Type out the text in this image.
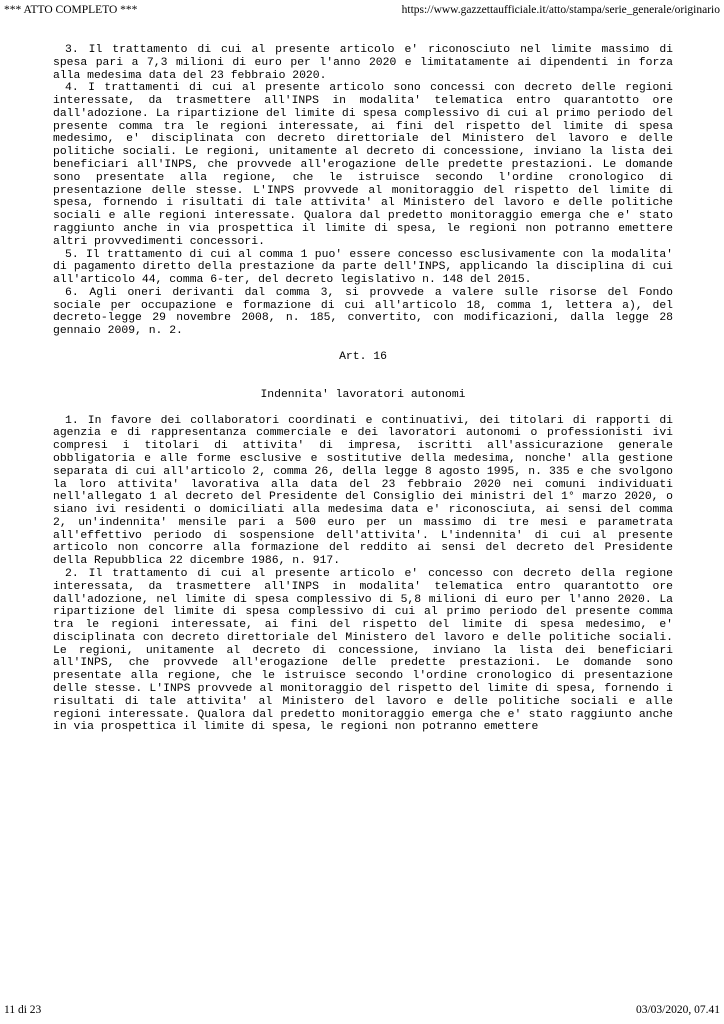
*** ATTO COMPLETO ***	https://www.gazzettaufficiale.it/atto/stampa/serie_generale/originario

3. Il trattamento di cui al presente articolo e' riconosciuto nel limite massimo di spesa pari a 7,3 milioni di euro per l'anno 2020 e limitatamente ai dipendenti in forza alla medesima data del 23 febbraio 2020.

4. I trattamenti di cui al presente articolo sono concessi con decreto delle regioni interessate, da trasmettere all'INPS in modalita' telematica entro quarantotto ore dall'adozione. La ripartizione del limite di spesa complessivo di cui al primo periodo del presente comma tra le regioni interessate, ai fini del rispetto del limite di spesa medesimo, e' disciplinata con decreto direttoriale del Ministero del lavoro e delle politiche sociali. Le regioni, unitamente al decreto di concessione, inviano la lista dei beneficiari all'INPS, che provvede all'erogazione delle predette prestazioni. Le domande sono presentate alla regione, che le istruisce secondo l'ordine cronologico di presentazione delle stesse. L'INPS provvede al monitoraggio del rispetto del limite di spesa, fornendo i risultati di tale attivita' al Ministero del lavoro e delle politiche sociali e alle regioni interessate. Qualora dal predetto monitoraggio emerga che e' stato raggiunto anche in via prospettica il limite di spesa, le regioni non potranno emettere altri provvedimenti concessori.

5. Il trattamento di cui al comma 1 puo' essere concesso esclusivamente con la modalita' di pagamento diretto della prestazione da parte dell'INPS, applicando la disciplina di cui all'articolo 44, comma 6-ter, del decreto legislativo n. 148 del 2015.

6. Agli oneri derivanti dal comma 3, si provvede a valere sulle risorse del Fondo sociale per occupazione e formazione di cui all'articolo 18, comma 1, lettera a), del decreto-legge 29 novembre 2008, n. 185, convertito, con modificazioni, dalla legge 28 gennaio 2009, n. 2.

Art. 16

Indennita' lavoratori autonomi

1. In favore dei collaboratori coordinati e continuativi, dei titolari di rapporti di agenzia e di rappresentanza commerciale e dei lavoratori autonomi o professionisti ivi compresi i titolari di attivita' di impresa, iscritti all'assicurazione generale obbligatoria e alle forme esclusive e sostitutive della medesima, nonche' alla gestione separata di cui all'articolo 2, comma 26, della legge 8 agosto 1995, n. 335 e che svolgono la loro attivita' lavorativa alla data del 23 febbraio 2020 nei comuni individuati nell'allegato 1 al decreto del Presidente del Consiglio dei ministri del 1° marzo 2020, o siano ivi residenti o domiciliati alla medesima data e' riconosciuta, ai sensi del comma 2, un'indennita' mensile pari a 500 euro per un massimo di tre mesi e parametrata all'effettivo periodo di sospensione dell'attivita'. L'indennita' di cui al presente articolo non concorre alla formazione del reddito ai sensi del decreto del Presidente della Repubblica 22 dicembre 1986, n. 917.

2. Il trattamento di cui al presente articolo e' concesso con decreto della regione interessata, da trasmettere all'INPS in modalita' telematica entro quarantotto ore dall'adozione, nel limite di spesa complessivo di 5,8 milioni di euro per l'anno 2020. La ripartizione del limite di spesa complessivo di cui al primo periodo del presente comma tra le regioni interessate, ai fini del rispetto del limite di spesa medesimo, e' disciplinata con decreto direttoriale del Ministero del lavoro e delle politiche sociali. Le regioni, unitamente al decreto di concessione, inviano la lista dei beneficiari all'INPS, che provvede all'erogazione delle predette prestazioni. Le domande sono presentate alla regione, che le istruisce secondo l'ordine cronologico di presentazione delle stesse. L'INPS provvede al monitoraggio del rispetto del limite di spesa, fornendo i risultati di tale attivita' al Ministero del lavoro e delle politiche sociali e alle regioni interessate. Qualora dal predetto monitoraggio emerga che e' stato raggiunto anche in via prospettica il limite di spesa, le regioni non potranno emettere

11 di 23	03/03/2020, 07.41
